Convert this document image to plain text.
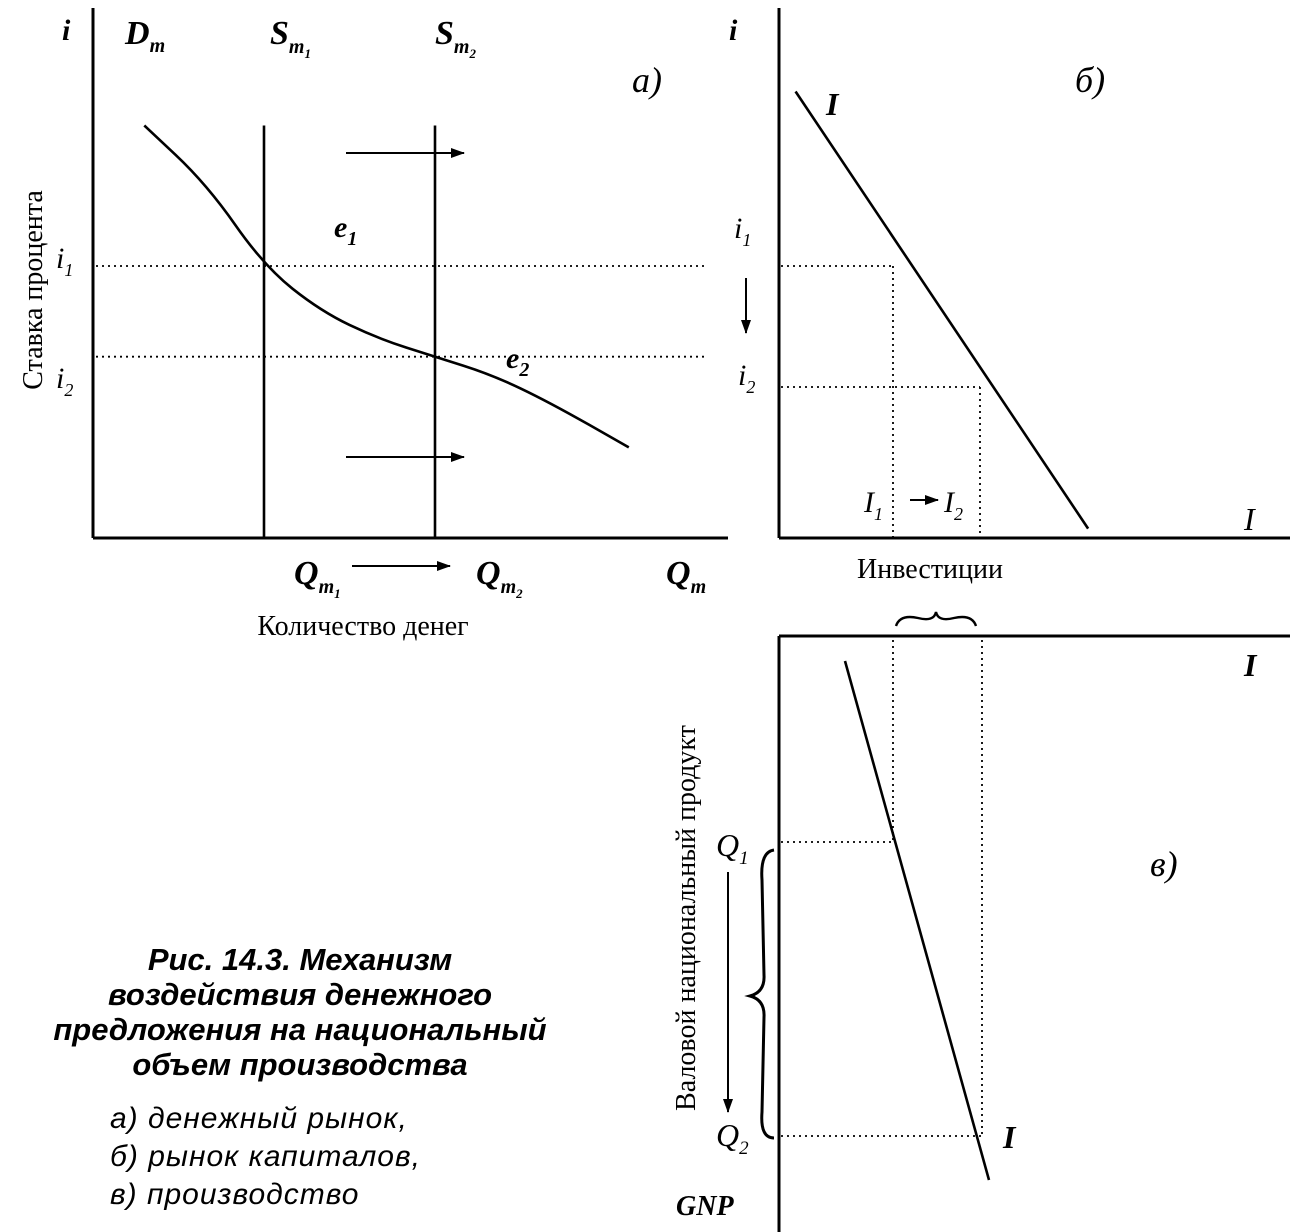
i
а)
Ставка процента
Количество денег
$D_m$	$S_m1$
$S_m2$
$e_1$
$e_2$
$i_1$
$i_2$
$Q_m1$
$Q_m2$
$Q_m$
i
б)
I
Инвестиции
I
$i_1$
$i_2$
$I_1$ $I_2$
I
в)
GNP
Валовой национальный продукт
I
$Q_1$
$Q_2$
Рис. 14.3. Механизм
воздействия денежного
предложения на национальный
объем производства
а) денежный рынок,
б) рынок капиталов,
в) производство
